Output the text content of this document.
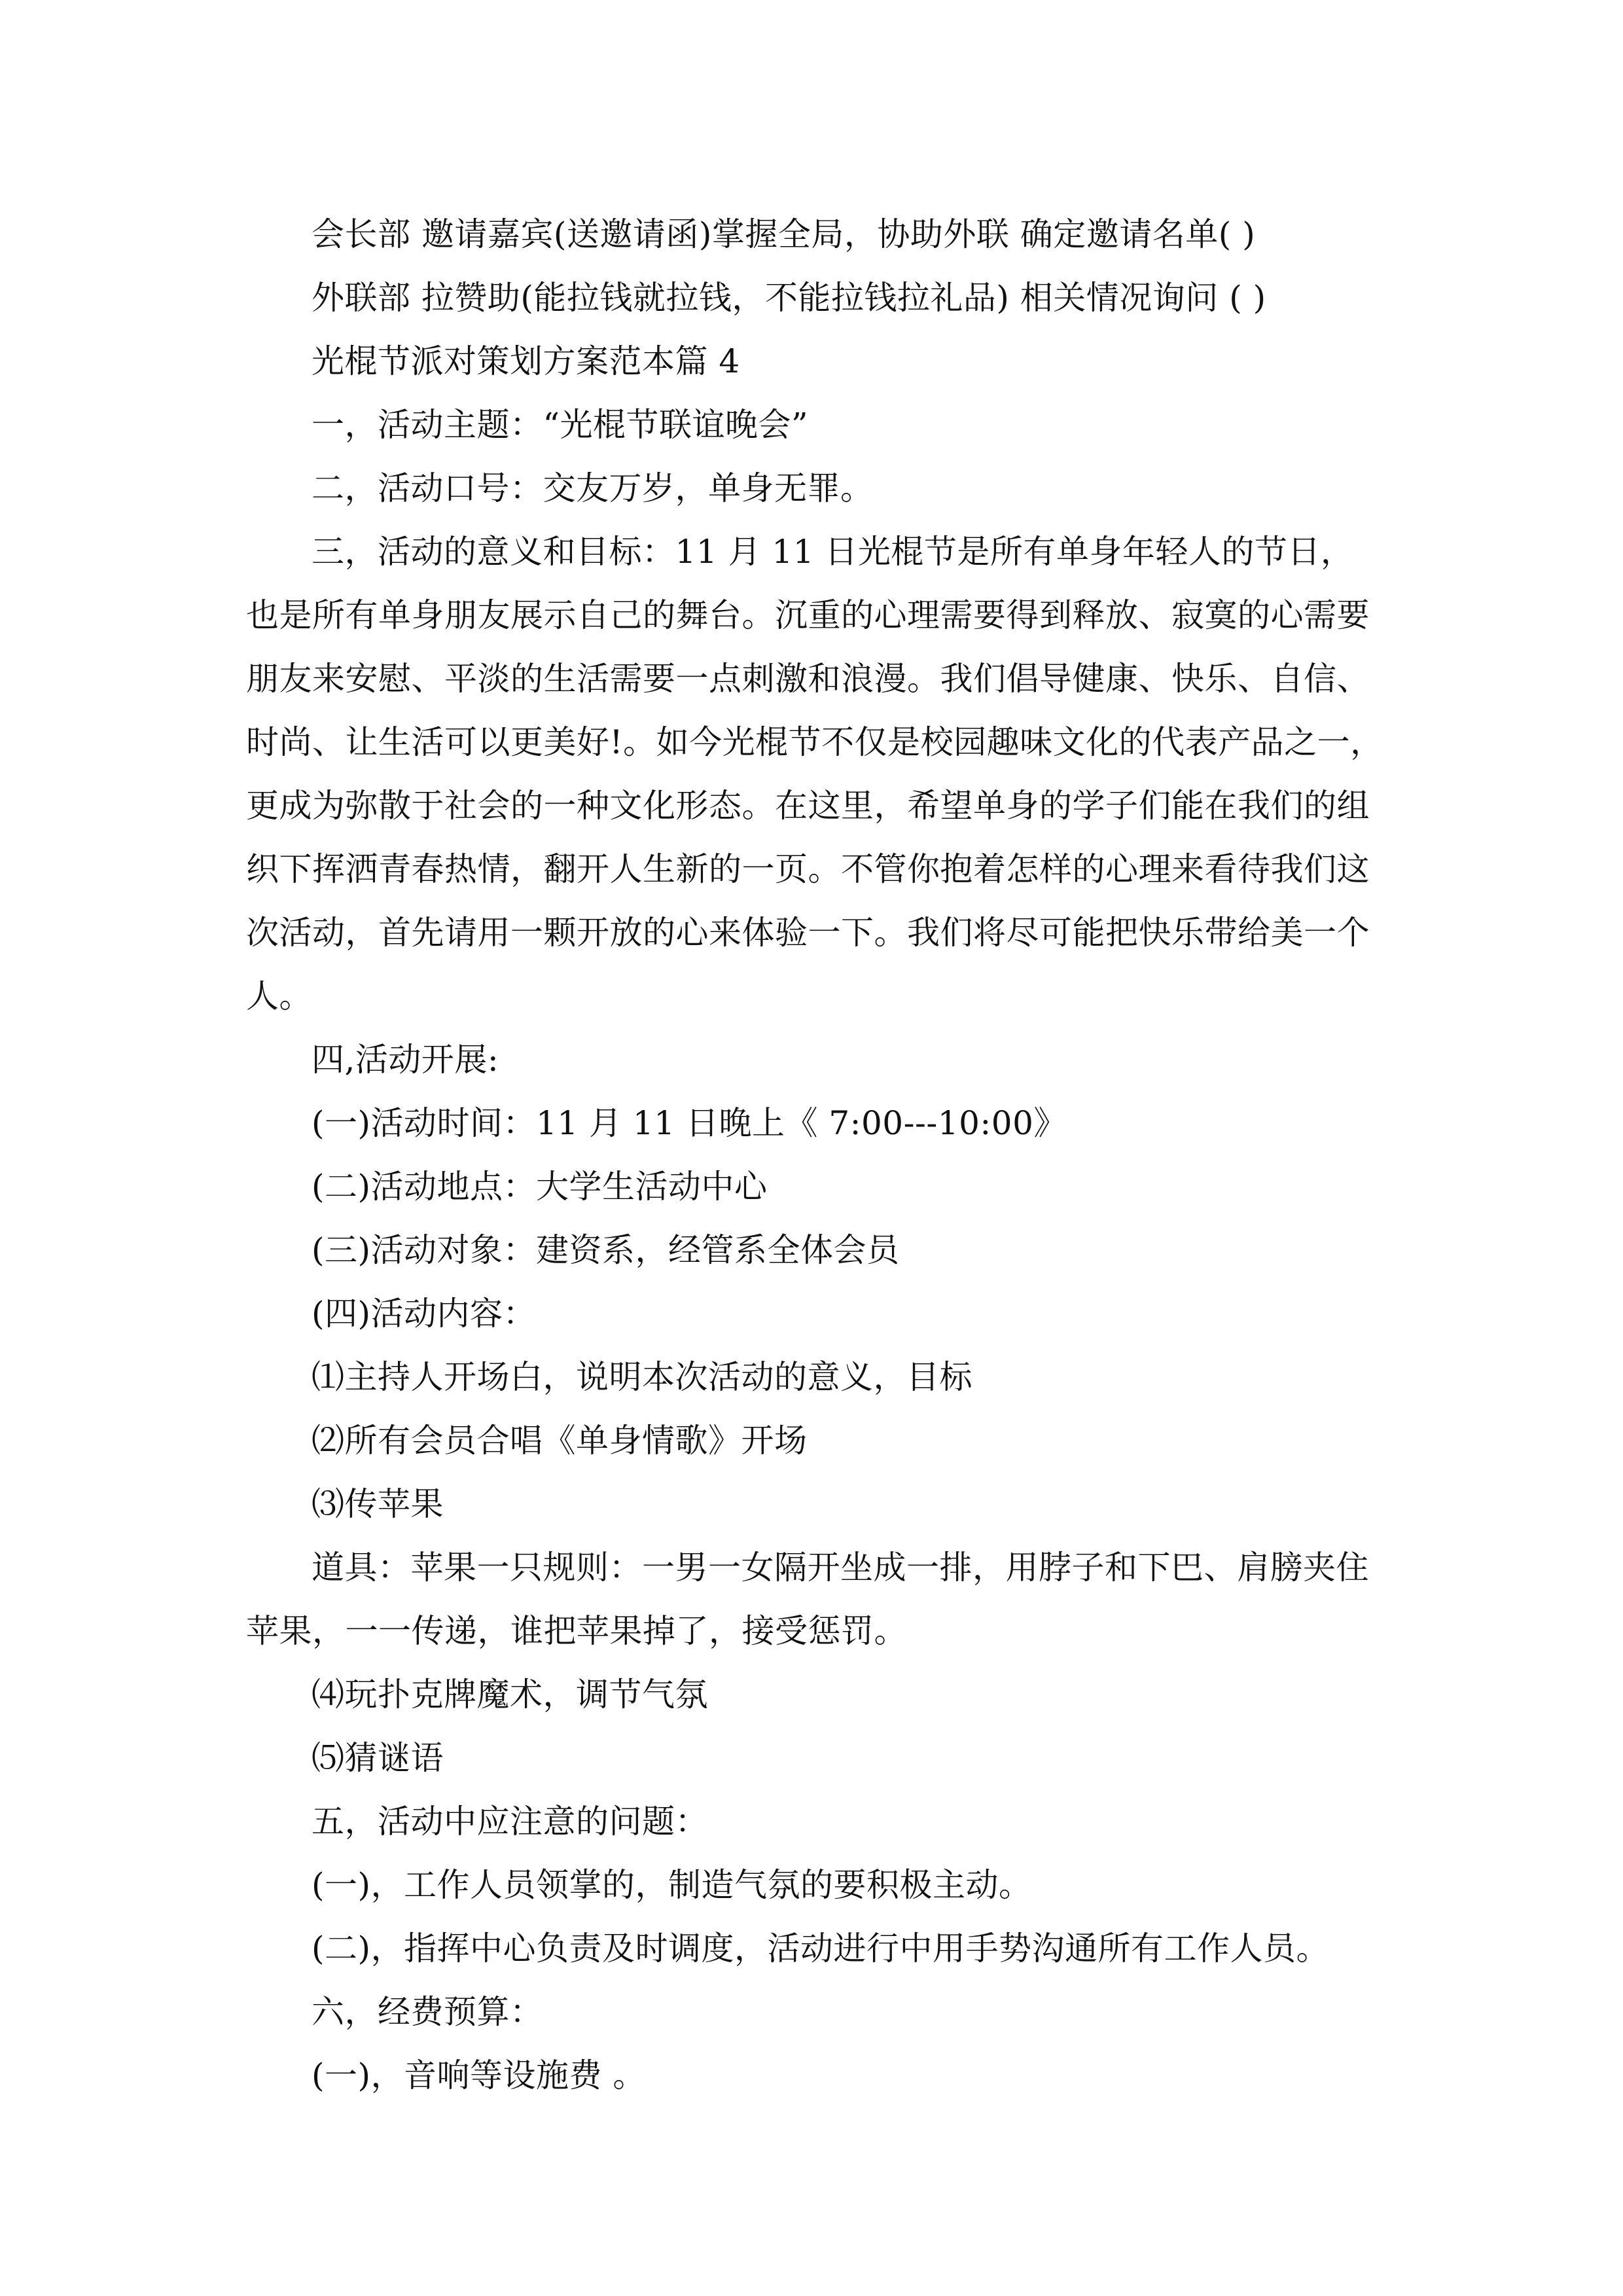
会长部 邀请嘉宾(送邀请函)掌握全局，协助外联 确定邀请名单( )

外联部 拉赞助(能拉钱就拉钱，不能拉钱拉礼品) 相关情况询问 ( )

光棍节派对策划方案范本篇 4

一，活动主题：“光棍节联谊晚会”

二，活动口号：交友万岁，单身无罪。

三，活动的意义和目标：11 月 11 日光棍节是所有单身年轻人的节日，也是所有单身朋友展示自己的舞台。沉重的心理需要得到释放、寂寞的心需要朋友来安慰、平淡的生活需要一点刺激和浪漫。我们倡导健康、快乐、自信、时尚、让生活可以更美好!。如今光棍节不仅是校园趣味文化的代表产品之一，更成为弥散于社会的一种文化形态。在这里，希望单身的学子们能在我们的组织下挥洒青春热情，翻开人生新的一页。不管你抱着怎样的心理来看待我们这次活动，首先请用一颗开放的心来体验一下。我们将尽可能把快乐带给美一个人。

四,活动开展:

(一)活动时间：11 月 11 日晚上《 7:00---10:00》

(二)活动地点：大学生活动中心

(三)活动对象：建资系，经管系全体会员

(四)活动内容：

⑴主持人开场白，说明本次活动的意义，目标

⑵所有会员合唱《单身情歌》开场

⑶传苹果

道具：苹果一只规则：一男一女隔开坐成一排，用脖子和下巴、肩膀夹住苹果，一一传递，谁把苹果掉了，接受惩罚。

⑷玩扑克牌魔术，调节气氛

⑸猜谜语

五，活动中应注意的问题：

(一)，工作人员领掌的，制造气氛的要积极主动。

(二)，指挥中心负责及时调度，活动进行中用手势沟通所有工作人员。

六，经费预算：

(一)，音响等设施费 。
